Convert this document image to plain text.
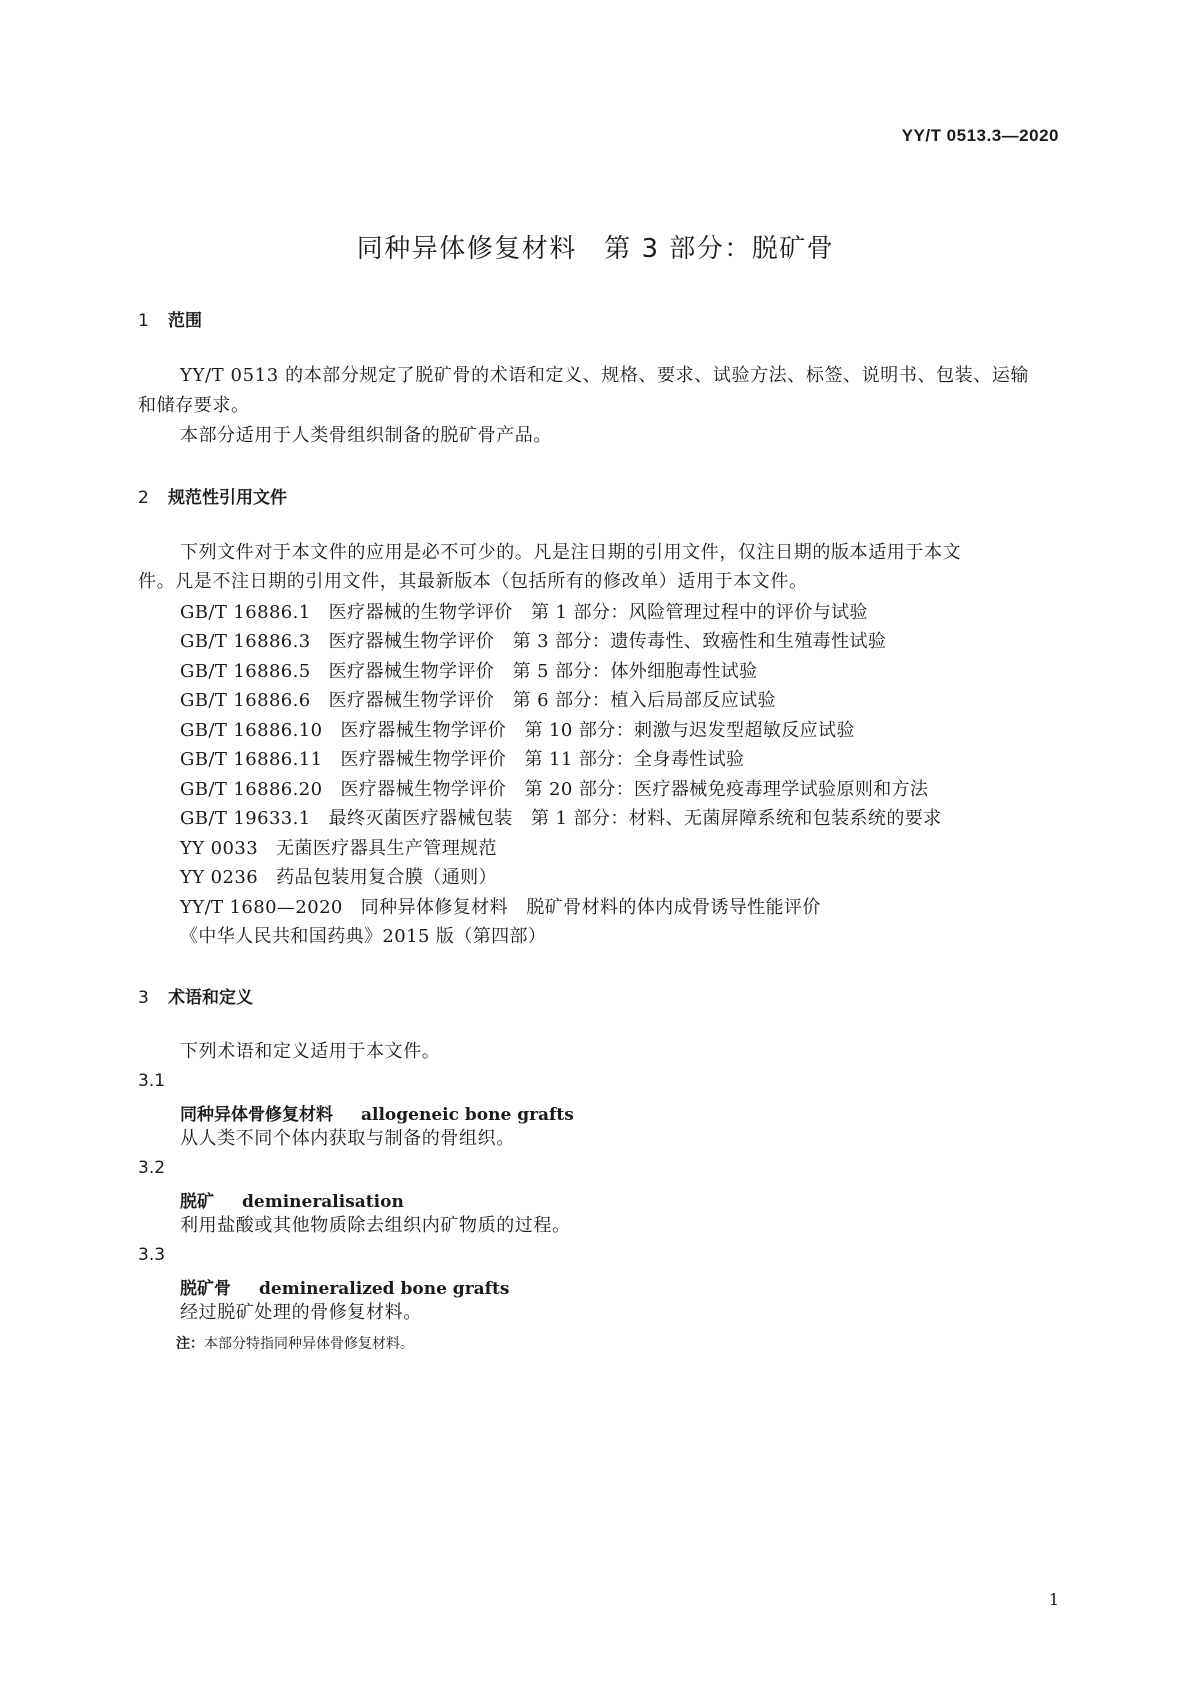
YY/T 0513.3—2020
同种异体修复材料　第 3 部分：脱矿骨
1 范围
YY/T 0513 的本部分规定了脱矿骨的术语和定义、规格、要求、试验方法、标签、说明书、包装、运输
和储存要求。
本部分适用于人类骨组织制备的脱矿骨产品。
2 规范性引用文件
下列文件对于本文件的应用是必不可少的。凡是注日期的引用文件，仅注日期的版本适用于本文
件。凡是不注日期的引用文件，其最新版本（包括所有的修改单）适用于本文件。
GB/T 16886.1 医疗器械的生物学评价　第 1 部分：风险管理过程中的评价与试验
GB/T 16886.3 医疗器械生物学评价　第 3 部分：遗传毒性、致癌性和生殖毒性试验
GB/T 16886.5 医疗器械生物学评价　第 5 部分：体外细胞毒性试验
GB/T 16886.6 医疗器械生物学评价　第 6 部分：植入后局部反应试验
GB/T 16886.10 医疗器械生物学评价　第 10 部分：刺激与迟发型超敏反应试验
GB/T 16886.11 医疗器械生物学评价　第 11 部分：全身毒性试验
GB/T 16886.20 医疗器械生物学评价　第 20 部分：医疗器械免疫毒理学试验原则和方法
GB/T 19633.1 最终灭菌医疗器械包装　第 1 部分：材料、无菌屏障系统和包装系统的要求
YY 0033 无菌医疗器具生产管理规范
YY 0236 药品包装用复合膜（通则）
YY/T 1680—2020 同种异体修复材料　脱矿骨材料的体内成骨诱导性能评价
《中华人民共和国药典》2015 版（第四部）
3 术语和定义
下列术语和定义适用于本文件。
3.1
同种异体骨修复材料 allogeneic bone grafts
从人类不同个体内获取与制备的骨组织。
3.2
脱矿 demineralisation
利用盐酸或其他物质除去组织内矿物质的过程。
3.3
脱矿骨 demineralized bone grafts
经过脱矿处理的骨修复材料。
注：本部分特指同种异体骨修复材料。
1
